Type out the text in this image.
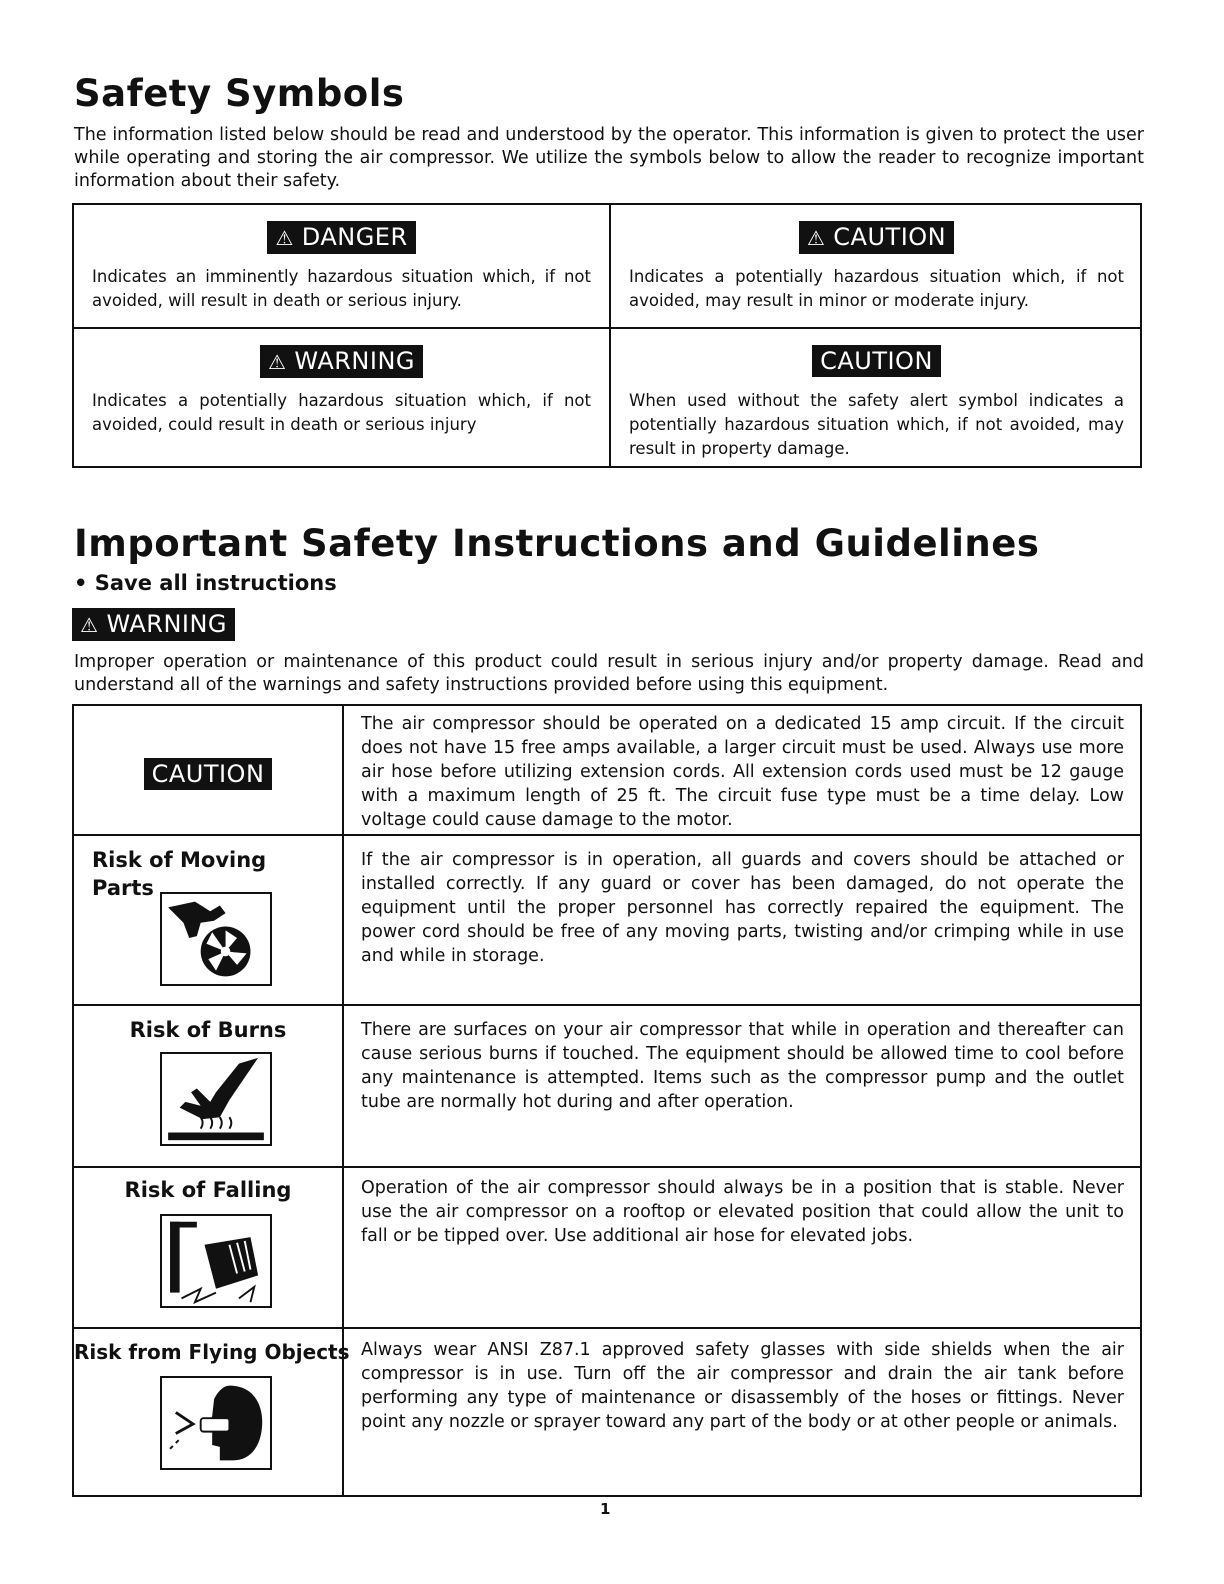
Safety Symbols
The information listed below should be read and understood by the operator. This information is given to protect the user while operating and storing the air compressor. We utilize the symbols below to allow the reader to recognize important information about their safety.
⚠ DANGER
Indicates an imminently hazardous situation which, if not avoided, will result in death or serious injury.
⚠ CAUTION
Indicates a potentially hazardous situation which, if not avoided, may result in minor or moderate injury.
⚠ WARNING
Indicates a potentially hazardous situation which, if not avoided, could result in death or serious injury
CAUTION
When used without the safety alert symbol indicates a potentially hazardous situation which, if not avoided, may result in property damage.
Important Safety Instructions and Guidelines
• Save all instructions
⚠ WARNING
Improper operation or maintenance of this product could result in serious injury and/or property damage. Read and understand all of the warnings and safety instructions provided before using this equipment.
CAUTION
The air compressor should be operated on a dedicated 15 amp circuit. If the circuit does not have 15 free amps available, a larger circuit must be used. Always use more air hose before utilizing extension cords. All extension cords used must be 12 gauge with a maximum length of 25 ft. The circuit fuse type must be a time delay. Low voltage could cause damage to the motor.
Risk of Moving
Parts
If the air compressor is in operation, all guards and covers should be attached or installed correctly. If any guard or cover has been damaged, do not operate the equipment until the proper personnel has correctly repaired the equipment. The power cord should be free of any moving parts, twisting and/or crimping while in use and while in storage.
Risk of Burns	There are surfaces on your air compressor that while in operation and thereafter can cause serious burns if touched. The equipment should be allowed time to cool before any maintenance is attempted. Items such as the compressor pump and the outlet tube are normally hot during and after operation.
Risk of Falling	Operation of the air compressor should always be in a position that is stable. Never use the air compressor on a rooftop or elevated position that could allow the unit to fall or be tipped over. Use additional air hose for elevated jobs.
Risk from Flying Objects Always wear ANSI Z87.1 approved safety glasses with side shields when the air compressor is in use. Turn off the air compressor and drain the air tank before performing any type of maintenance or disassembly of the hoses or fittings. Never point any nozzle or sprayer toward any part of the body or at other people or animals.
1
